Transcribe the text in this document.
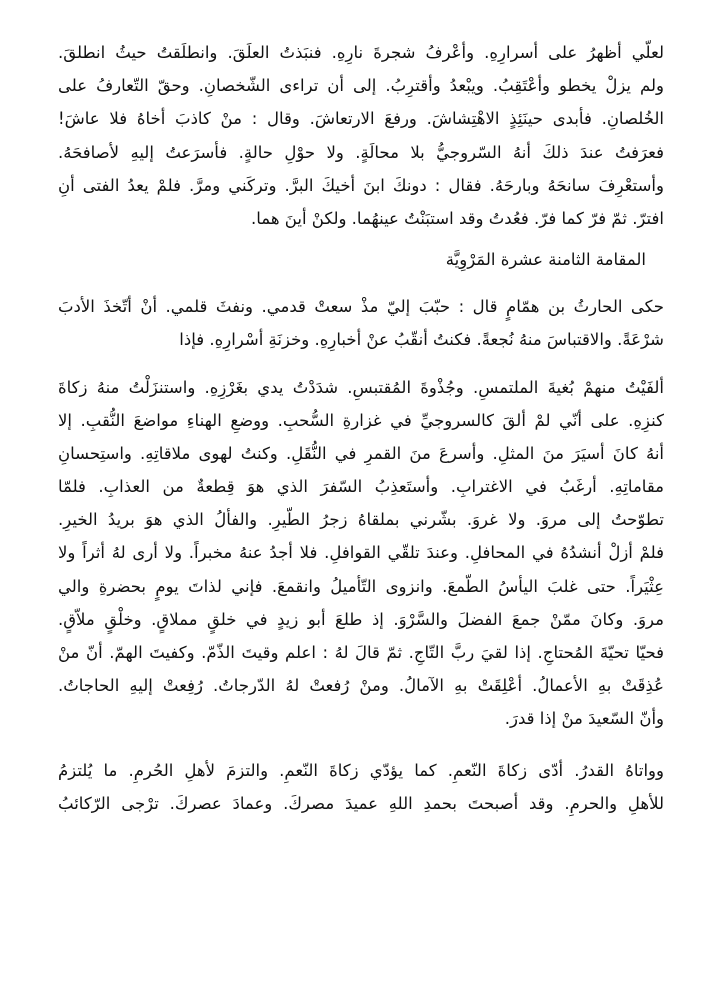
لعلّي أظهرُ على أسرارِهِ. وأعْرفُ شجرةَ نارِهِ. فنبَذتُ العلَقَ. وانطلَقتُ حيثُ انطلقَ.
ولم يزلْ يخطو وأعْتَقِبُ. ويبْعدُ وأقترِبُ. إلى أن تراءى الشّخصانِ. وحقّ التّعارفُ على
الخُلصانِ. فأبدى حينَئِذٍ الاهْتِشاشَ. ورفعَ الارتعاشَ. وقال : منْ كاذبَ أخاهُ فلا عاشَ!
فعرَفتُ عندَ ذلكَ أنهُ السّروجيُّ بلا محالَةٍ. ولا حوْلِ حالةٍ. فأسرَعتُ إليهِ لأصافحَهُ.
وأستعْرِفَ سانحَهُ وبارحَهُ. فقال : دونكَ ابنَ أخيكَ البرَّ. وتركَني ومرَّ. فلمْ يعدُ الفتى أنِ
افترّ. ثمّ فرّ كما فرّ. فعُدتُ وقد استبَنْتُ عينهُما. ولكنْ أينَ هما.
المقامة الثامنة عشرة المَرْوِيَّة
حكى الحارثُ بن همّامٍ قال : حبّبَ إليّ مذْ سعتْ قدمي. ونفثَ قلمي. أنْ أتّخذَ الأدبَ
شرْعَةً. والاقتباسَ منهُ نُجعةً. فكنتُ أنقّبُ عنْ أخبارِهِ. وخزنَةِ أسْرارِهِ. فإذا
ألفَيْتُ منهمْ بُغيةَ الملتمسِ. وجُذْوةَ المُقتبسِ. شدَدْتُ يدي بغَرْزِهِ. واستنزَلْتُ منهُ زكاةَ
كنزِهِ. على أنّي لمْ ألقَ كالسروجيِّ في غزارةِ السُّحبِ. ووضعِ الهناءِ مواضعَ النُّقبِ. إلا
أنهُ كانَ أسيَرَ منَ المثلِ. وأسرعَ منَ القمرِ في النُّقَلِ. وكنتُ لهوى ملاقاتِهِ. واستِحسانِ
مقاماتِهِ. أرغَبُ في الاغترابِ. وأستَعذِبُ السّفرَ الذي هوَ قِطعةٌ من العذابِ. فلمّا
تطوّحتُ إلى مروَ. ولا غروَ. بشّرني بملقاهُ زجرُ الطّيرِ. والفألُ الذي هوَ بريدُ الخيرِ.
فلمْ أزلْ أنشدُهُ في المحافلِ. وعندَ تلقّي القوافلِ. فلا أجدُ عنهُ مخبراً. ولا أرى لهُ أثراً ولا
عِثْيَراً. حتى غلبَ اليأسُ الطّمعَ. وانزوى التّأميلُ وانقمعَ. فإني لذاتَ يومٍ بحضرةِ والي
مروَ. وكانَ ممّنْ جمعَ الفضلَ والسَّرْوَ. إذ طلعَ أبو زيدٍ في خلقٍ مملاقٍ. وخلْقٍ ملاّقٍ.
فحيّا تحيّةَ المُحتاجِ. إذا لقيَ ربَّ التّاجِ. ثمّ قالَ لهُ : اعلم وقيتَ الذّمّ. وكفيتَ الهمّ. أنّ منْ
عُذِقَتْ بهِ الأعمالُ. أعْلِقَتْ بهِ الآمالُ. ومنْ رُفعتْ لهُ الدّرجاتُ. رُفِعتْ إليهِ الحاجاتُ.
وأنّ السّعيدَ منْ إذا قدرَ.
وواتاهُ القدرُ. أدّى زكاةَ النّعمِ. كما يؤدّي زكاةَ النّعمِ. والتزمَ لأهلِ الحُرمِ. ما يُلتزمُ
للأهلِ والحرمِ. وقد أصبحتَ بحمدِ اللهِ عميدَ مصركَ. وعمادَ عصركَ. ترْجى الرّكائبُ
